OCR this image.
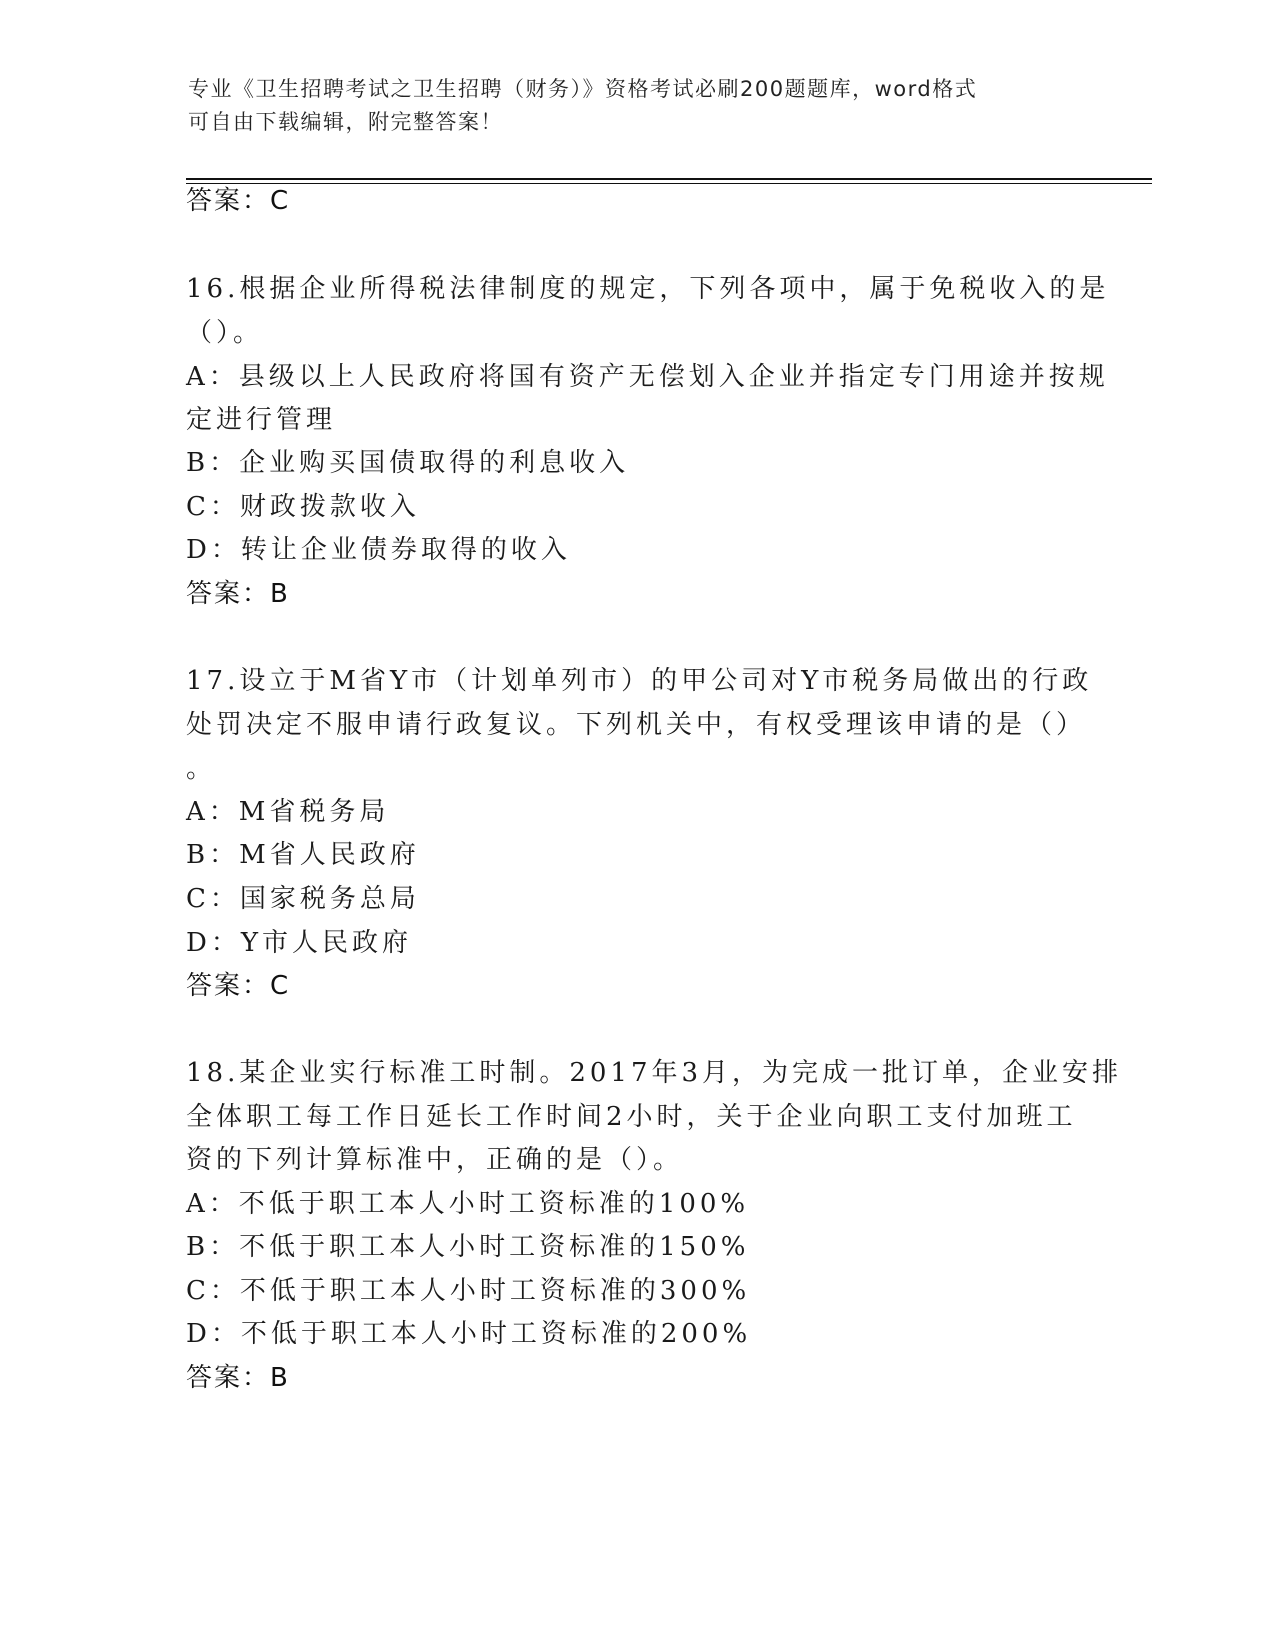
专业《卫生招聘考试之卫生招聘（财务）》资格考试必刷200题题库，word格式
可自由下载编辑，附完整答案！
答案：C
16.根据企业所得税法律制度的规定，下列各项中，属于免税收入的是
（）。
A：县级以上人民政府将国有资产无偿划入企业并指定专门用途并按规
定进行管理
B：企业购买国债取得的利息收入
C：财政拨款收入
D：转让企业债券取得的收入
答案：B
17.设立于M省Y市（计划单列市）的甲公司对Y市税务局做出的行政
处罚决定不服申请行政复议。下列机关中，有权受理该申请的是（）
。
A：M省税务局
B：M省人民政府
C：国家税务总局
D：Y市人民政府
答案：C
18.某企业实行标准工时制。2017年3月，为完成一批订单，企业安排
全体职工每工作日延长工作时间2小时，关于企业向职工支付加班工
资的下列计算标准中，正确的是（）。
A：不低于职工本人小时工资标准的100%
B：不低于职工本人小时工资标准的150%
C：不低于职工本人小时工资标准的300%
D：不低于职工本人小时工资标准的200%
答案：B
